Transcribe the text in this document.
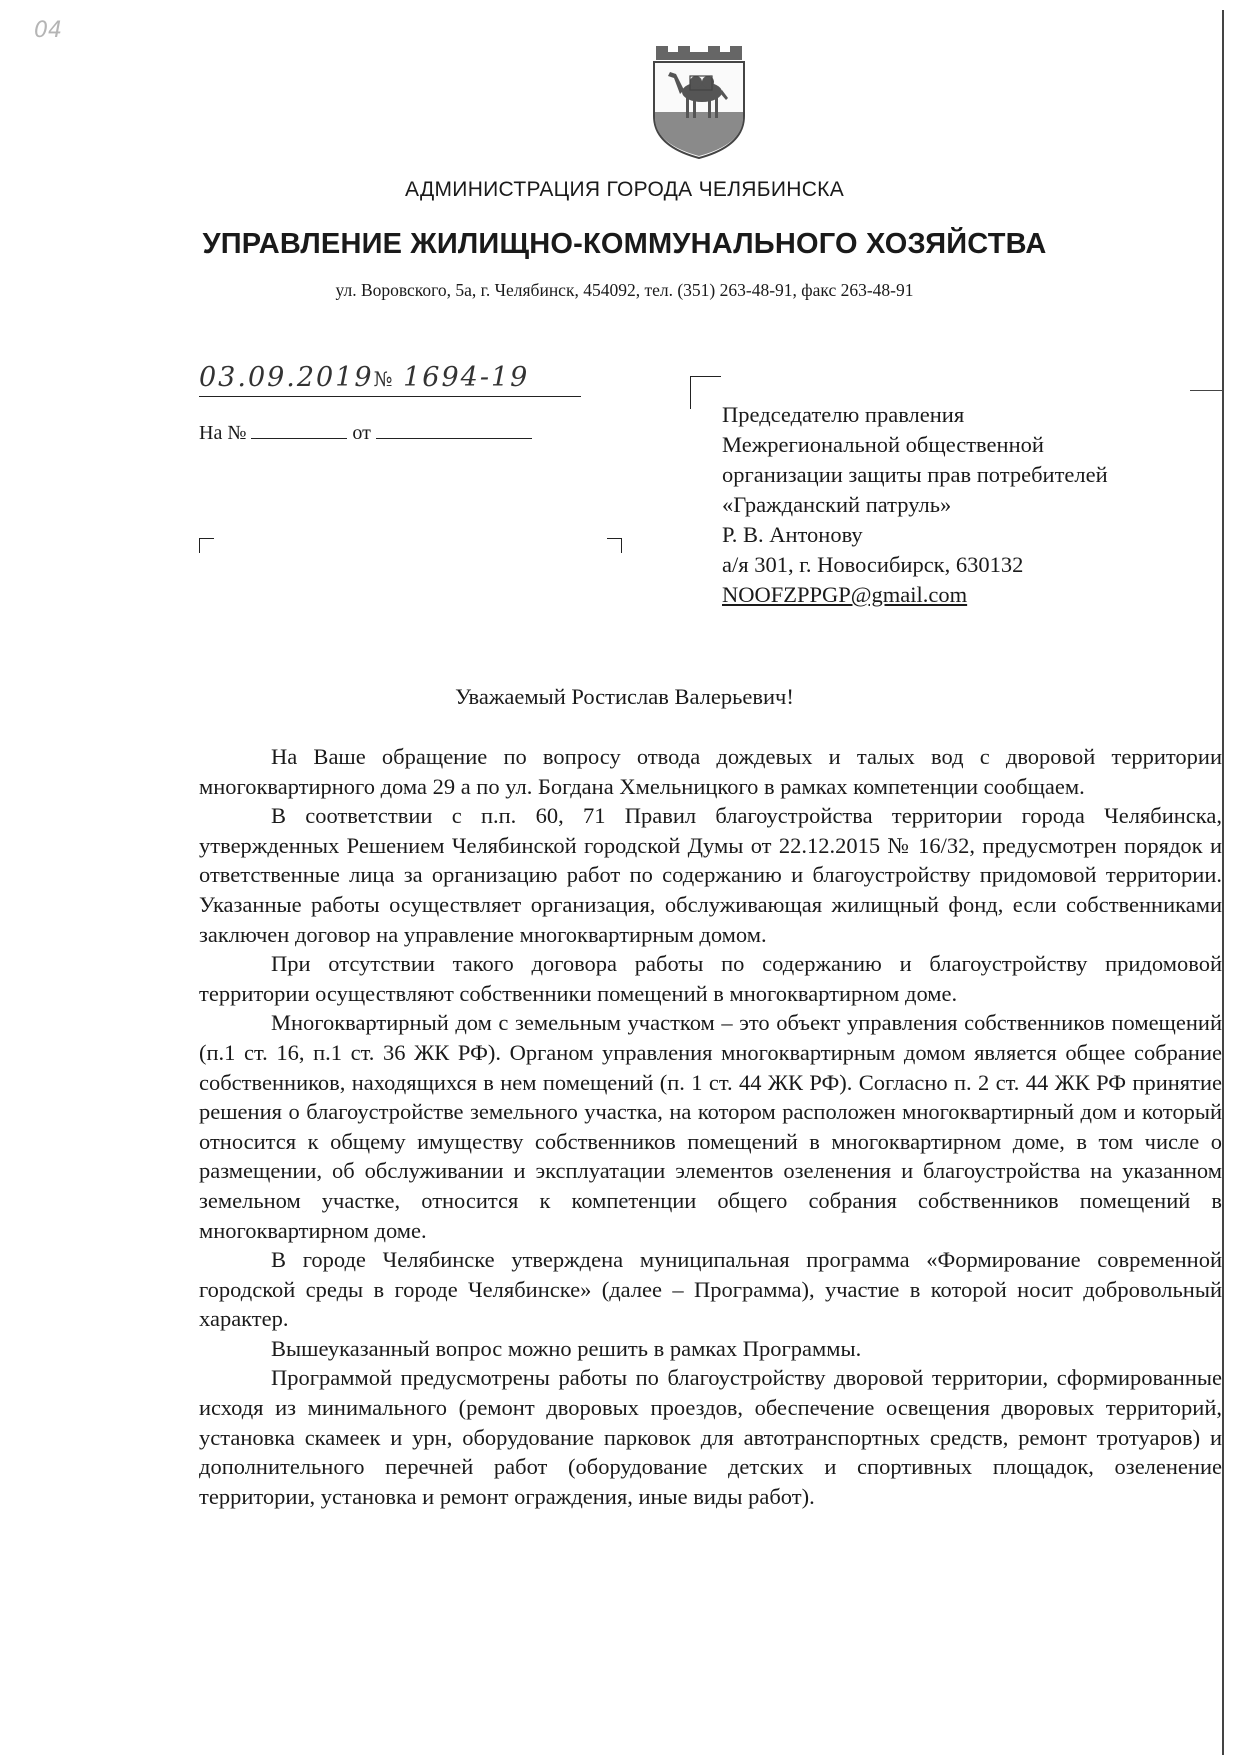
04
АДМИНИСТРАЦИЯ ГОРОДА ЧЕЛЯБИНСКА
УПРАВЛЕНИЕ ЖИЛИЩНО-КОММУНАЛЬНОГО ХОЗЯЙСТВА
ул. Воровского, 5а, г. Челябинск, 454092, тел. (351) 263-48-91, факс 263-48-91
03.09.2019№ 1694-19
На №	от
Председателю правления
Межрегиональной общественной
организации защиты прав потребителей
«Гражданский патруль»
Р. В. Антонову
а/я 301, г. Новосибирск, 630132
NOOFZPPGP@gmail.com
Уважаемый Ростислав Валерьевич!

На Ваше обращение по вопросу отвода дождевых и талых вод с дворовой территории многоквартирного дома 29 а по ул. Богдана Хмельницкого в рамках компетенции сообщаем.

В соответствии с п.п. 60, 71 Правил благоустройства территории города Челябинска, утвержденных Решением Челябинской городской Думы от 22.12.2015 № 16/32, предусмотрен порядок и ответственные лица за организацию работ по содержанию и благоустройству придомовой территории. Указанные работы осуществляет организация, обслуживающая жилищный фонд, если собственниками заключен договор на управление многоквартирным домом.

При отсутствии такого договора работы по содержанию и благоустройству придомовой территории осуществляют собственники помещений в многоквартирном доме.

Многоквартирный дом с земельным участком – это объект управления собственников помещений (п.1 ст. 16, п.1 ст. 36 ЖК РФ). Органом управления многоквартирным домом является общее собрание собственников, находящихся в нем помещений (п. 1 ст. 44 ЖК РФ). Согласно п. 2 ст. 44 ЖК РФ принятие решения о благоустройстве земельного участка, на котором расположен многоквартирный дом и который относится к общему имуществу собственников помещений в многоквартирном доме, в том числе о размещении, об обслуживании и эксплуатации элементов озеленения и благоустройства на указанном земельном участке, относится к компетенции общего собрания собственников помещений в многоквартирном доме.

В городе Челябинске утверждена муниципальная программа «Формирование современной городской среды в городе Челябинске» (далее – Программа), участие в которой носит добровольный характер.

Вышеуказанный вопрос можно решить в рамках Программы.

Программой предусмотрены работы по благоустройству дворовой территории, сформированные исходя из минимального (ремонт дворовых проездов, обеспечение освещения дворовых территорий, установка скамеек и урн, оборудование парковок для автотранспортных средств, ремонт тротуаров) и дополнительного перечней работ (оборудование детских и спортивных площадок, озеленение территории, установка и ремонт ограждения, иные виды работ).
